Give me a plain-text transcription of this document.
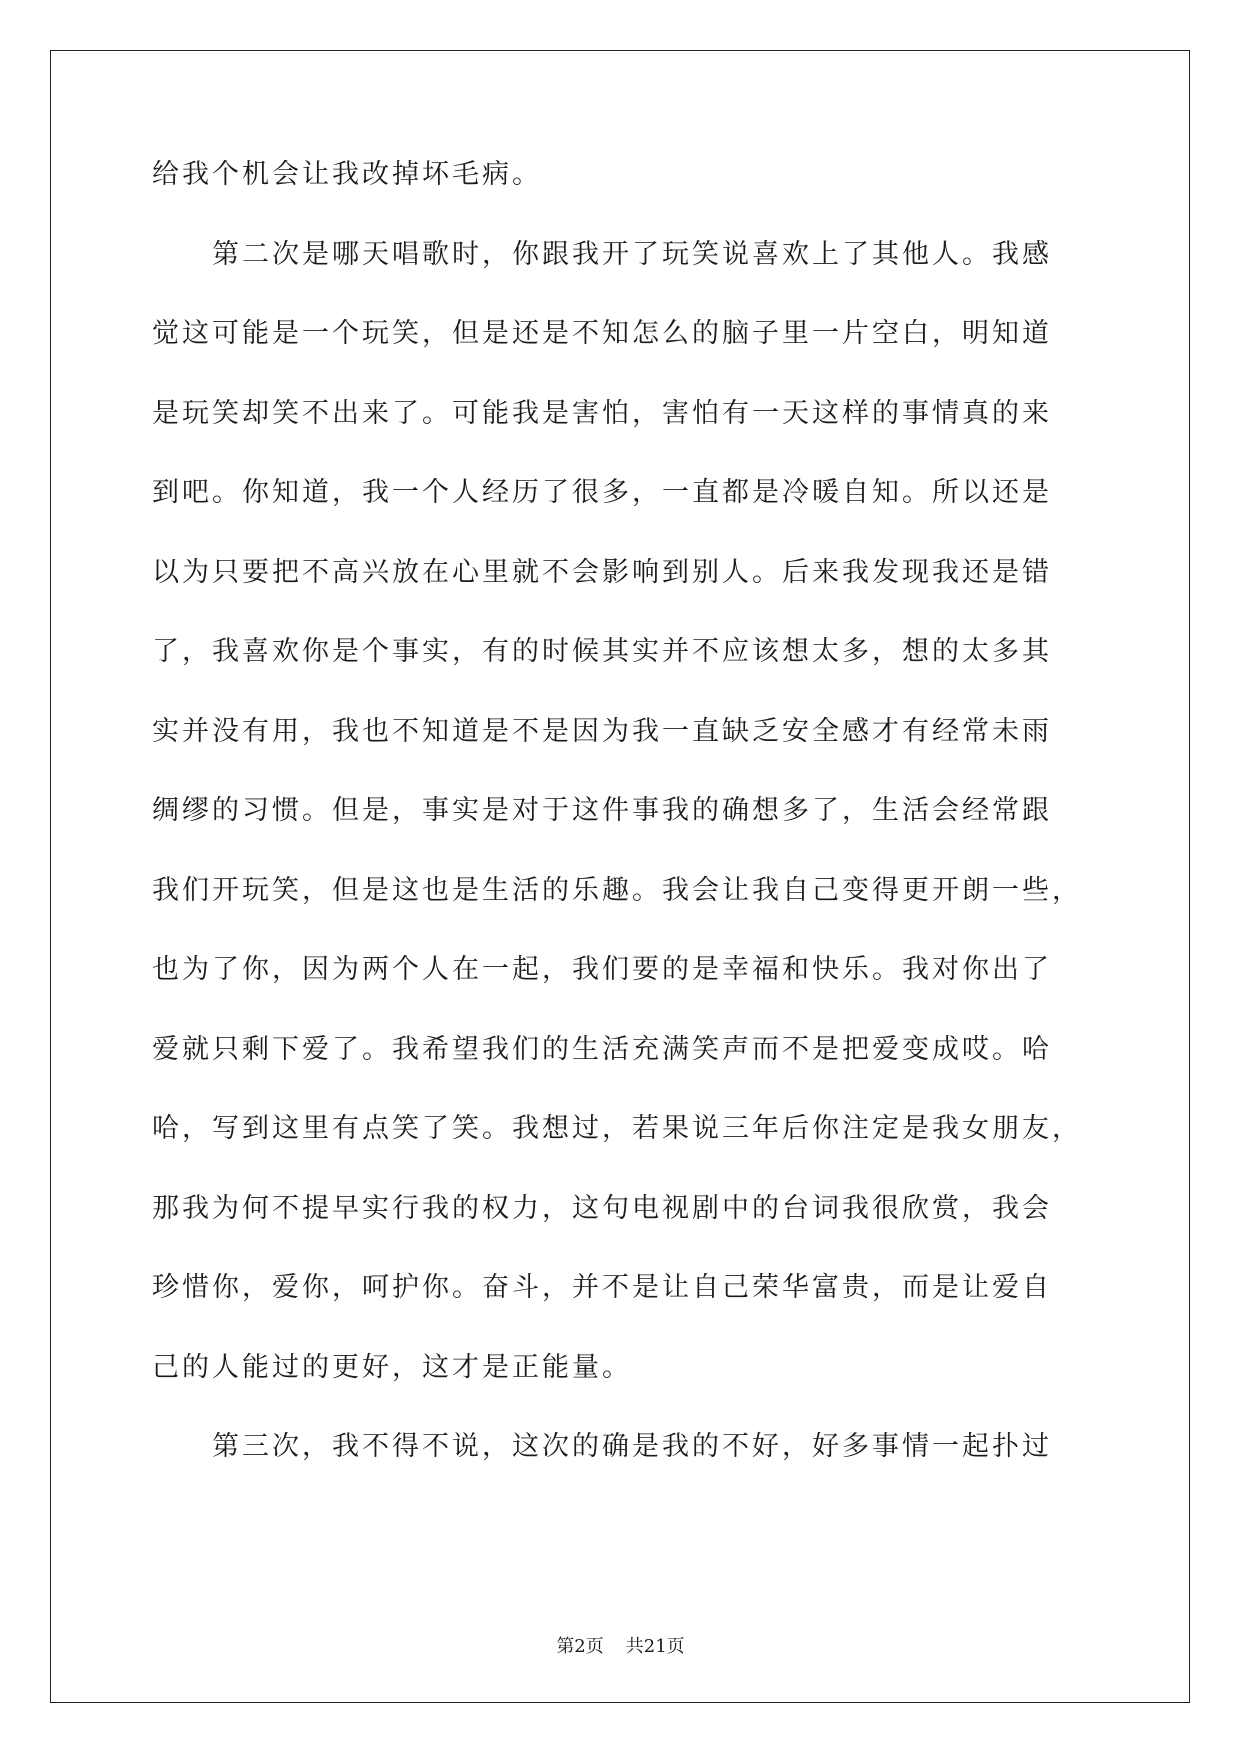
给我个机会让我改掉坏毛病。
　　第二次是哪天唱歌时，你跟我开了玩笑说喜欢上了其他人。我感
觉这可能是一个玩笑，但是还是不知怎么的脑子里一片空白，明知道
是玩笑却笑不出来了。可能我是害怕，害怕有一天这样的事情真的来
到吧。你知道，我一个人经历了很多，一直都是冷暖自知。所以还是
以为只要把不高兴放在心里就不会影响到别人。后来我发现我还是错
了，我喜欢你是个事实，有的时候其实并不应该想太多，想的太多其
实并没有用，我也不知道是不是因为我一直缺乏安全感才有经常未雨
绸缪的习惯。但是，事实是对于这件事我的确想多了，生活会经常跟
我们开玩笑，但是这也是生活的乐趣。我会让我自己变得更开朗一些，
也为了你，因为两个人在一起，我们要的是幸福和快乐。我对你出了
爱就只剩下爱了。我希望我们的生活充满笑声而不是把爱变成哎。哈
哈，写到这里有点笑了笑。我想过，若果说三年后你注定是我女朋友，
那我为何不提早实行我的权力，这句电视剧中的台词我很欣赏，我会
珍惜你，爱你，呵护你。奋斗，并不是让自己荣华富贵，而是让爱自
己的人能过的更好，这才是正能量。
　　第三次，我不得不说，这次的确是我的不好，好多事情一起扑过
第2页 共21页
